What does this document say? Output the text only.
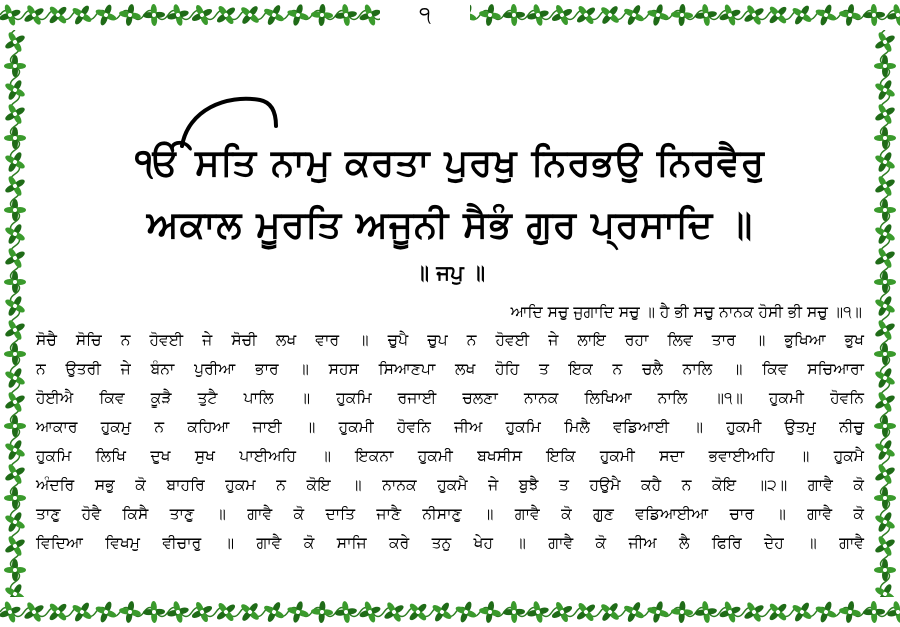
੧
ੴ ਸਤਿ ਨਾਮੁ ਕਰਤਾ ਪੁਰਖੁ ਨਿਰਭਉ ਨਿਰਵੈਰੁ
ਅਕਾਲ ਮੂਰਤਿ ਅਜੂਨੀ ਸੈਭੰ ਗੁਰ ਪ੍ਰਸਾਦਿ ॥
॥ ਜਪੁ ॥
ਆਦਿ ਸਚੁ ਜੁਗਾਦਿ ਸਚੁ ॥ ਹੈ ਭੀ ਸਚੁ ਨਾਨਕ ਹੋਸੀ ਭੀ ਸਚੁ ॥੧॥
ਸੋਚੈ ਸੋਚਿ ਨ ਹੋਵਈ ਜੇ ਸੋਚੀ ਲਖ ਵਾਰ ॥ ਚੁਪੈ ਚੁਪ ਨ ਹੋਵਈ ਜੇ ਲਾਇ ਰਹਾ ਲਿਵ ਤਾਰ ॥ ਭੁਖਿਆ ਭੁਖ
ਨ ਉਤਰੀ ਜੇ ਬੰਨਾ ਪੁਰੀਆ ਭਾਰ ॥ ਸਹਸ ਸਿਆਣਪਾ ਲਖ ਹੋਹਿ ਤ ਇਕ ਨ ਚਲੈ ਨਾਲਿ ॥ ਕਿਵ ਸਚਿਆਰਾ
ਹੋਈਐ ਕਿਵ ਕੂੜੈ ਤੁਟੈ ਪਾਲਿ ॥ ਹੁਕਮਿ ਰਜਾਈ ਚਲਣਾ ਨਾਨਕ ਲਿਖਿਆ ਨਾਲਿ ॥੧॥ ਹੁਕਮੀ ਹੋਵਨਿ
ਆਕਾਰ ਹੁਕਮੁ ਨ ਕਹਿਆ ਜਾਈ ॥ ਹੁਕਮੀ ਹੋਵਨਿ ਜੀਅ ਹੁਕਮਿ ਮਿਲੈ ਵਡਿਆਈ ॥ ਹੁਕਮੀ ਉਤਮੁ ਨੀਚੁ
ਹੁਕਮਿ ਲਿਖਿ ਦੁਖ ਸੁਖ ਪਾਈਅਹਿ ॥ ਇਕਨਾ ਹੁਕਮੀ ਬਖਸੀਸ ਇਕਿ ਹੁਕਮੀ ਸਦਾ ਭਵਾਈਅਹਿ ॥ ਹੁਕਮੈ
ਅੰਦਰਿ ਸਭੁ ਕੋ ਬਾਹਰਿ ਹੁਕਮ ਨ ਕੋਇ ॥ ਨਾਨਕ ਹੁਕਮੈ ਜੇ ਬੁਝੈ ਤ ਹਉਮੈ ਕਹੈ ਨ ਕੋਇ ॥੨॥ ਗਾਵੈ ਕੋ
ਤਾਣੁ ਹੋਵੈ ਕਿਸੈ ਤਾਣੁ ॥ ਗਾਵੈ ਕੋ ਦਾਤਿ ਜਾਣੈ ਨੀਸਾਣੁ ॥ ਗਾਵੈ ਕੋ ਗੁਣ ਵਡਿਆਈਆ ਚਾਰ ॥ ਗਾਵੈ ਕੋ
ਵਿਦਿਆ ਵਿਖਮੁ ਵੀਚਾਰੁ ॥ ਗਾਵੈ ਕੋ ਸਾਜਿ ਕਰੇ ਤਨੁ ਖੇਹ ॥ ਗਾਵੈ ਕੋ ਜੀਅ ਲੈ ਫਿਰਿ ਦੇਹ ॥ ਗਾਵੈ
